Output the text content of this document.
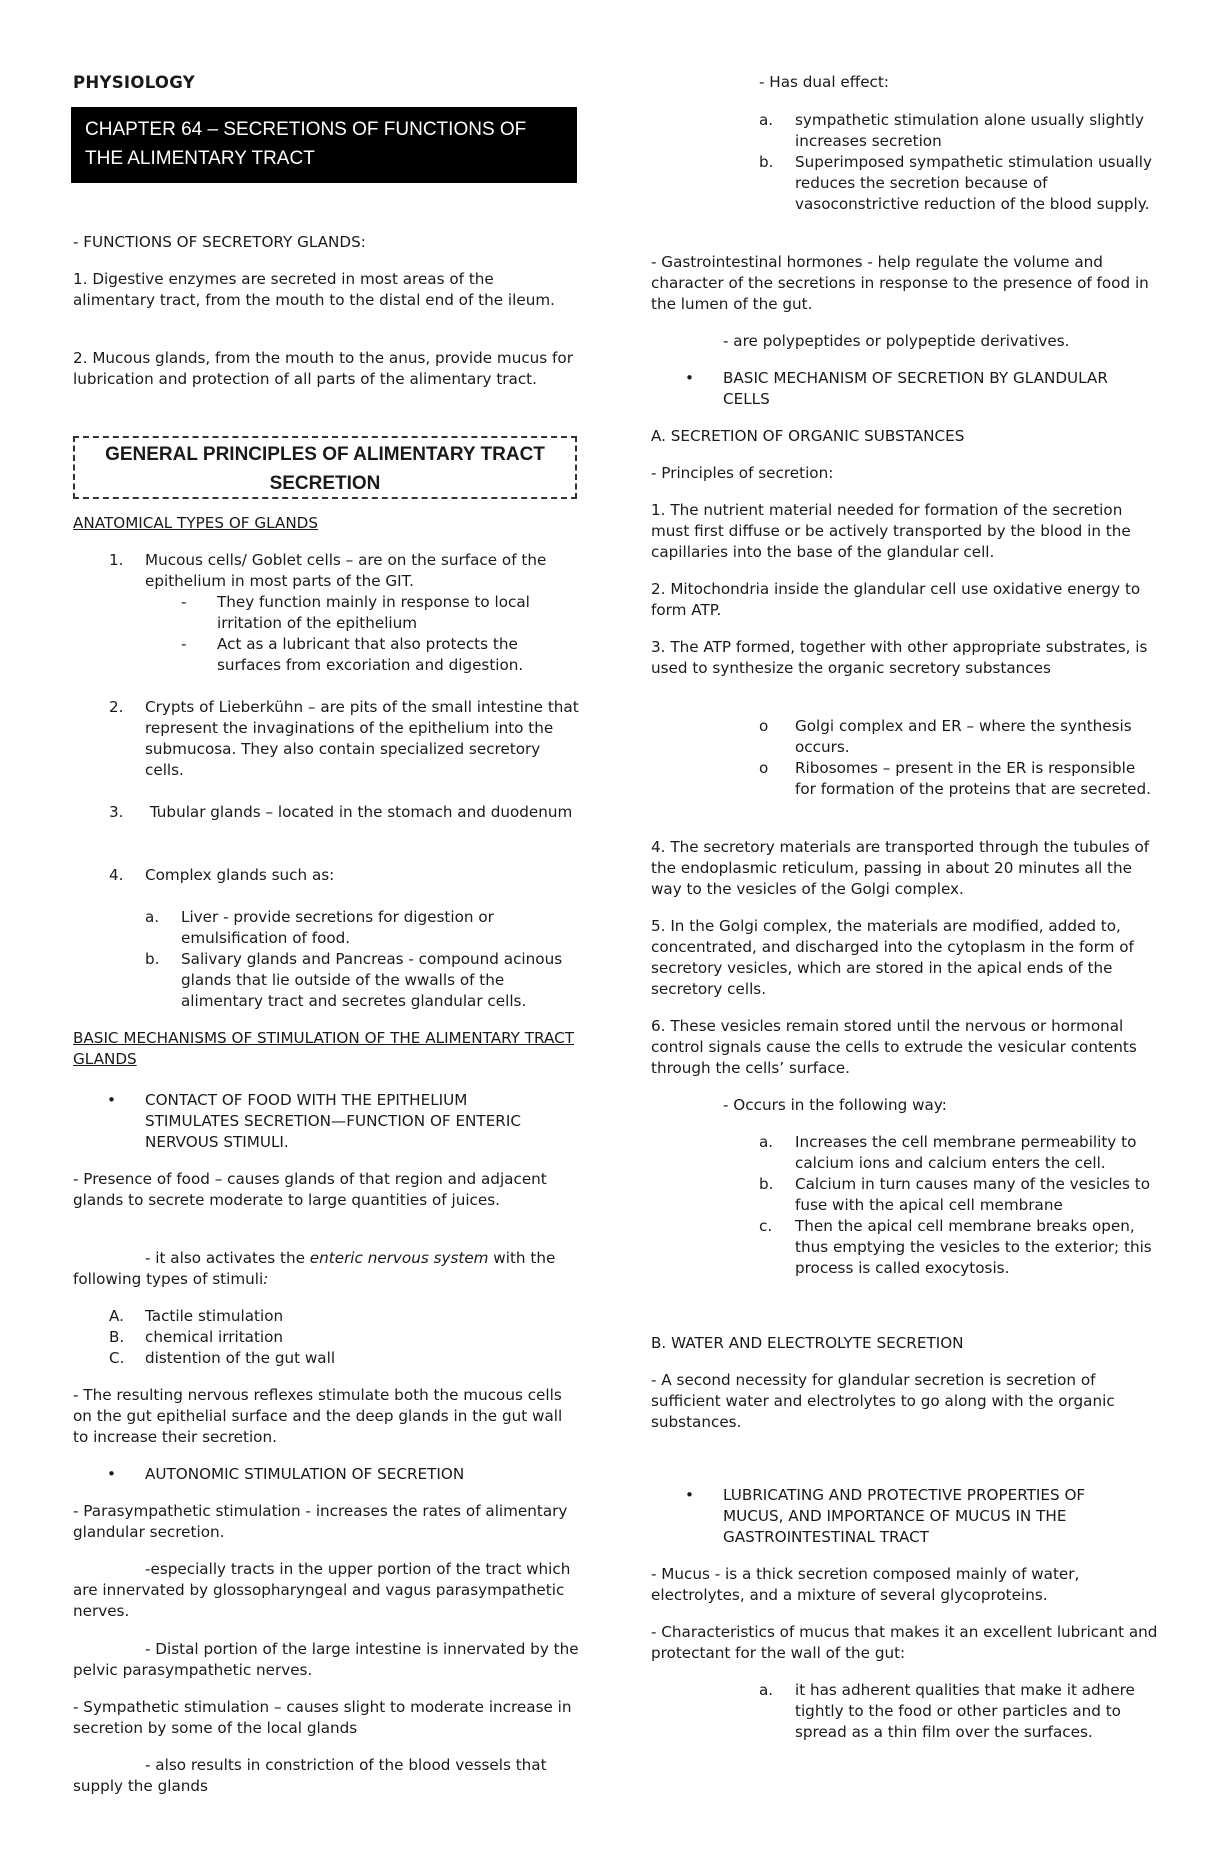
PHYSIOLOGY
CHAPTER 64 – SECRETIONS OF FUNCTIONS OF THE ALIMENTARY TRACT

- FUNCTIONS OF SECRETORY GLANDS:

1. Digestive enzymes are secreted in most areas of the alimentary tract, from the mouth to the distal end of the ileum.

2. Mucous glands, from the mouth to the anus, provide mucus for lubrication and protection of all parts of the alimentary tract.

GENERAL PRINCIPLES OF ALIMENTARY TRACT SECRETION

ANATOMICAL TYPES OF GLANDS

1. Mucous cells/ Goblet cells – are on the surface of the epithelium in most parts of the GIT.
- They function mainly in response to local irritation of the epithelium
- Act as a lubricant that also protects the surfaces from excoriation and digestion.
2. Crypts of Lieberkühn – are pits of the small intestine that represent the invaginations of the epithelium into the submucosa. They also contain specialized secretory cells.
3. Tubular glands – located in the stomach and duodenum
4. Complex glands such as:
a. Liver - provide secretions for digestion or emulsification of food.
b. Salivary glands and Pancreas - compound acinous glands that lie outside of the wwalls of the alimentary tract and secretes glandular cells.

BASIC MECHANISMS OF STIMULATION OF THE ALIMENTARY TRACT GLANDS

• CONTACT OF FOOD WITH THE EPITHELIUM STIMULATES SECRETION—FUNCTION OF ENTERIC NERVOUS STIMULI.

- Presence of food – causes glands of that region and adjacent glands to secrete moderate to large quantities of juices.

- it also activates the enteric nervous system with the following types of stimuli:

A. Tactile stimulation
B. chemical irritation
C. distention of the gut wall

- The resulting nervous reflexes stimulate both the mucous cells on the gut epithelial surface and the deep glands in the gut wall to increase their secretion.

• AUTONOMIC STIMULATION OF SECRETION

- Parasympathetic stimulation - increases the rates of alimentary glandular secretion.

-especially tracts in the upper portion of the tract which are innervated by glossopharyngeal and vagus parasympathetic nerves.

- Distal portion of the large intestine is innervated by the pelvic parasympathetic nerves.

- Sympathetic stimulation – causes slight to moderate increase in secretion by some of the local glands

- also results in constriction of the blood vessels that supply the glands

- Has dual effect:

a. sympathetic stimulation alone usually slightly increases secretion
b. Superimposed sympathetic stimulation usually reduces the secretion because of vasoconstrictive reduction of the blood supply.

- Gastrointestinal hormones - help regulate the volume and character of the secretions in response to the presence of food in the lumen of the gut.

- are polypeptides or polypeptide derivatives.

• BASIC MECHANISM OF SECRETION BY GLANDULAR CELLS

A. SECRETION OF ORGANIC SUBSTANCES

- Principles of secretion:

1. The nutrient material needed for formation of the secretion must first diffuse or be actively transported by the blood in the capillaries into the base of the glandular cell.

2. Mitochondria inside the glandular cell use oxidative energy to form ATP.

3. The ATP formed, together with other appropriate substrates, is used to synthesize the organic secretory substances

o Golgi complex and ER – where the synthesis occurs.
o Ribosomes – present in the ER is responsible for formation of the proteins that are secreted.

4. The secretory materials are transported through the tubules of the endoplasmic reticulum, passing in about 20 minutes all the way to the vesicles of the Golgi complex.

5. In the Golgi complex, the materials are modified, added to, concentrated, and discharged into the cytoplasm in the form of secretory vesicles, which are stored in the apical ends of the secretory cells.

6. These vesicles remain stored until the nervous or hormonal control signals cause the cells to extrude the vesicular contents through the cells’ surface.

- Occurs in the following way:

a. Increases the cell membrane permeability to calcium ions and calcium enters the cell.
b. Calcium in turn causes many of the vesicles to fuse with the apical cell membrane
c. Then the apical cell membrane breaks open, thus emptying the vesicles to the exterior; this process is called exocytosis.

B. WATER AND ELECTROLYTE SECRETION

- A second necessity for glandular secretion is secretion of sufficient water and electrolytes to go along with the organic substances.

• LUBRICATING AND PROTECTIVE PROPERTIES OF MUCUS, AND IMPORTANCE OF MUCUS IN THE GASTROINTESTINAL TRACT

- Mucus - is a thick secretion composed mainly of water, electrolytes, and a mixture of several glycoproteins.

- Characteristics of mucus that makes it an excellent lubricant and protectant for the wall of the gut:

a. it has adherent qualities that make it adhere tightly to the food or other particles and to spread as a thin film over the surfaces.
